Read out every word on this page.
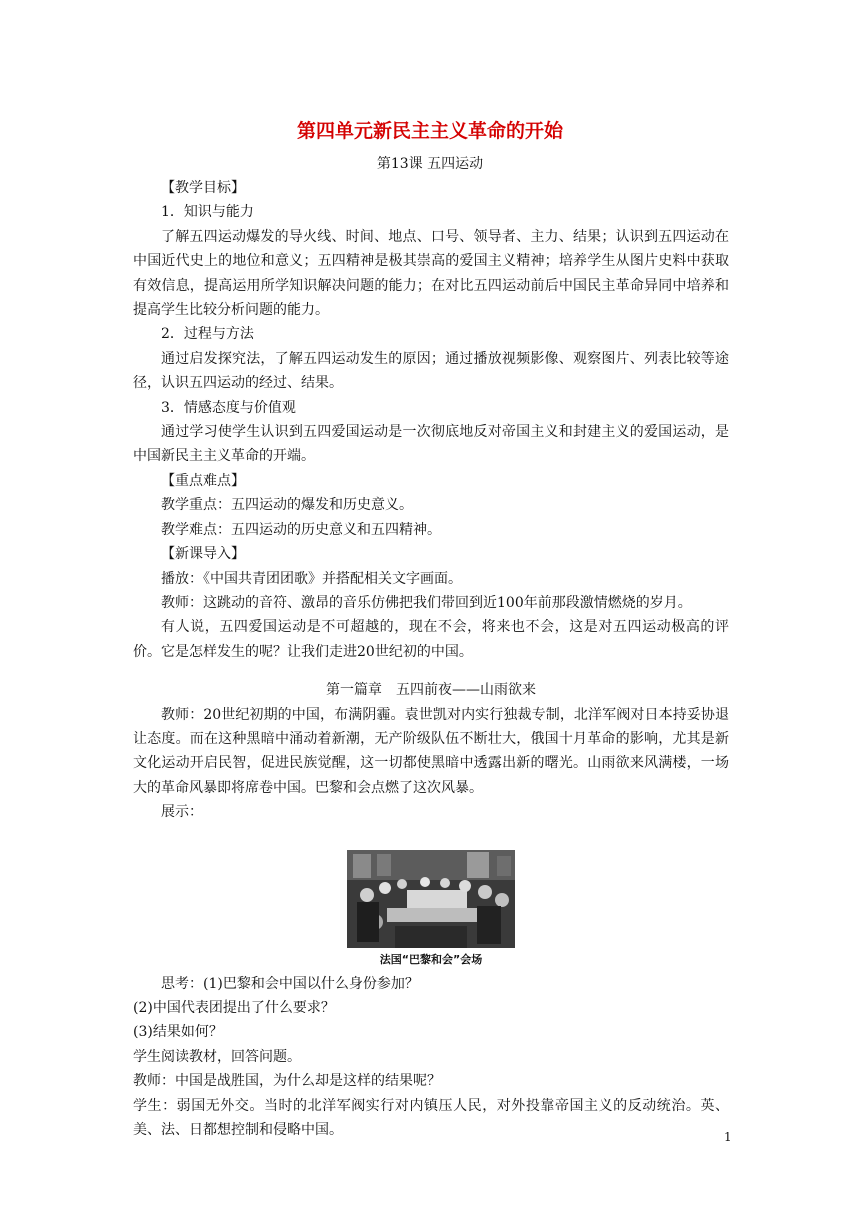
第四单元新民主主义革命的开始
第13课 五四运动

【教学目标】

1．知识与能力

了解五四运动爆发的导火线、时间、地点、口号、领导者、主力、结果；认识到五四运动在中国近代史上的地位和意义；五四精神是极其崇高的爱国主义精神；培养学生从图片史料中获取有效信息，提高运用所学知识解决问题的能力；在对比五四运动前后中国民主革命异同中培养和提高学生比较分析问题的能力。

2．过程与方法

通过启发探究法，了解五四运动发生的原因；通过播放视频影像、观察图片、列表比较等途径，认识五四运动的经过、结果。

3．情感态度与价值观

通过学习使学生认识到五四爱国运动是一次彻底地反对帝国主义和封建主义的爱国运动，是中国新民主主义革命的开端。

【重点难点】

教学重点：五四运动的爆发和历史意义。

教学难点：五四运动的历史意义和五四精神。

【新课导入】

播放：《中国共青团团歌》并搭配相关文字画面。

教师：这跳动的音符、激昂的音乐仿佛把我们带回到近100年前那段激情燃烧的岁月。

有人说，五四爱国运动是不可超越的，现在不会，将来也不会，这是对五四运动极高的评价。它是怎样发生的呢？让我们走进20世纪初的中国。

第一篇章　五四前夜——山雨欲来

教师：20世纪初期的中国，布满阴霾。袁世凯对内实行独裁专制，北洋军阀对日本持妥协退让态度。而在这种黑暗中涌动着新潮，无产阶级队伍不断壮大，俄国十月革命的影响，尤其是新文化运动开启民智，促进民族觉醒，这一切都使黑暗中透露出新的曙光。山雨欲来风满楼，一场大的革命风暴即将席卷中国。巴黎和会点燃了这次风暴。

展示：

法国“巴黎和会”会场

思考：(1)巴黎和会中国以什么身份参加？

(2)中国代表团提出了什么要求？

(3)结果如何？

学生阅读教材，回答问题。

教师：中国是战胜国，为什么却是这样的结果呢？

学生：弱国无外交。当时的北洋军阀实行对内镇压人民，对外投靠帝国主义的反动统治。英、美、法、日都想控制和侵略中国。	1
